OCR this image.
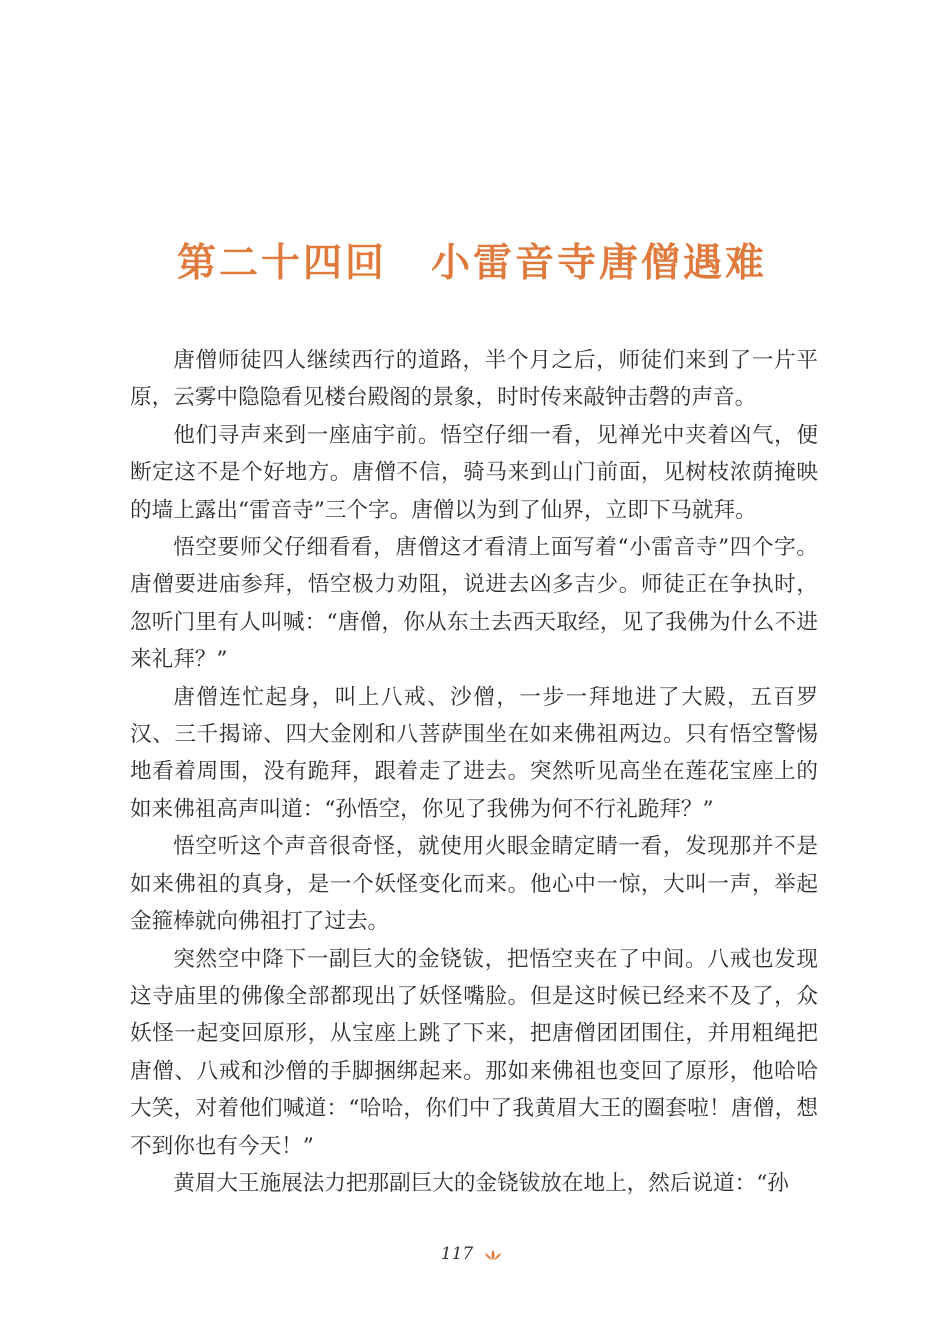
第二十四回 小雷音寺唐僧遇难

唐僧师徒四人继续西行的道路，半个月之后，师徒们来到了一片平原，云雾中隐隐看见楼台殿阁的景象，时时传来敲钟击磬的声音。

他们寻声来到一座庙宇前。悟空仔细一看，见禅光中夹着凶气，便断定这不是个好地方。唐僧不信，骑马来到山门前面，见树枝浓荫掩映的墙上露出“雷音寺”三个字。唐僧以为到了仙界，立即下马就拜。

悟空要师父仔细看看，唐僧这才看清上面写着“小雷音寺”四个字。唐僧要进庙参拜，悟空极力劝阻，说进去凶多吉少。师徒正在争执时，忽听门里有人叫喊：“唐僧，你从东土去西天取经，见了我佛为什么不进来礼拜？”

唐僧连忙起身，叫上八戒、沙僧，一步一拜地进了大殿，五百罗汉、三千揭谛、四大金刚和八菩萨围坐在如来佛祖两边。只有悟空警惕地看着周围，没有跪拜，跟着走了进去。突然听见高坐在莲花宝座上的如来佛祖高声叫道：“孙悟空，你见了我佛为何不行礼跪拜？”

悟空听这个声音很奇怪，就使用火眼金睛定睛一看，发现那并不是如来佛祖的真身，是一个妖怪变化而来。他心中一惊，大叫一声，举起金箍棒就向佛祖打了过去。

突然空中降下一副巨大的金铙钹，把悟空夹在了中间。八戒也发现这寺庙里的佛像全部都现出了妖怪嘴脸。但是这时候已经来不及了，众妖怪一起变回原形，从宝座上跳了下来，把唐僧团团围住，并用粗绳把唐僧、八戒和沙僧的手脚捆绑起来。那如来佛祖也变回了原形，他哈哈大笑，对着他们喊道：“哈哈，你们中了我黄眉大王的圈套啦！唐僧，想不到你也有今天！”

黄眉大王施展法力把那副巨大的金铙钹放在地上，然后说道：“孙

117
